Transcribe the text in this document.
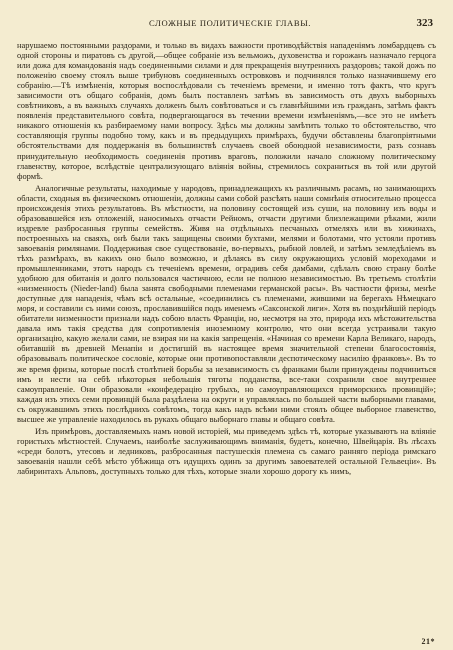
СЛОЖНЫЕ ПОЛИТИЧЕСКІЕ ГЛАВЫ.	323

нарушаемо постоянными раздорами, и только въ видахъ важности противодѣйствія нападеніямъ ломбардцевъ съ одной стороны и пиратовъ съ другой,—общее собраніе изъ вельможъ, духовенства и горожанъ назначало герцога или дожа для командованія надъ соединенными силами и для прекращенія внутреннихъ раздоровъ; такой дожъ по положенію своему стоялъ выше трибуновъ соединенныхъ островковъ и подчинялся только назначившему его собранію.—Тѣ измѣненія, которыя воспослѣдовали съ теченіемъ времени, и именно тотъ фактъ, что кругъ зависимости отъ общаго собранія, домъ былъ поставленъ затѣмъ въ зависимость отъ двухъ выборныхъ совѣтниковъ, а въ важныхъ случаяхъ долженъ былъ совѣтоваться и съ главнѣйшими изъ гражданъ, затѣмъ фактъ появленія представительного совѣта, подвергающагося въ течении времени измѣненіямъ,—все это не имѣетъ никакого отношенія къ разбираемому нами вопросу. Здѣсь мы должны замѣтить только то обстоятельство, что составляющія группы подобно тому, какъ и въ предыдущихъ примѣрахъ, будучи обставлены благопріятными обстоятельствами для поддержанія въ большинствѣ случаевъ своей обоюдной независимости, разъ сознавъ принудительную необходимость соединенія противъ враговъ, положили начало сложному политическому главенству, которое, вслѣдствіе централизующаго вліянія войны, стремилось сохраниться въ той или другой формѣ.

Аналогичные результаты, находимые у народовъ, принадлежащихъ къ различнымъ расамъ, но занимающихъ области, сходныя въ физическомъ отношеніи, должны сами собой разсѣять наши сомнѣнія относительно процесса происхожденія этихъ результатовъ. Въ мѣстности, на половину состоящей изъ суши, на половину изъ воды и образовавшейся изъ отложеній, наносимыхъ отчасти Рейномъ, отчасти другими близлежащими рѣками, жили издревле разбросанныя группы семействъ. Живя на отдѣльныхъ песчаныхъ отмеляхъ или въ хижинахъ, построенныхъ на сваяхъ, онѣ были такъ защищены своими бухтами, мелями и болотами, что устояли противъ завоеванія римлянами. Поддерживая свое существованіе, во-первыхъ, рыбной ловлей, и затѣмъ земледѣліемъ въ тѣхъ размѣрахъ, въ какихъ оно было возможно, и дѣлаясь въ силу окружающихъ условій мореходами и промышленниками, этотъ народъ съ теченіемъ времени, оградивъ себя дамбами, сдѣлалъ свою страну болѣе удобною для обитанія и долго пользовался частичною, если не полною независимостью. Въ третьемъ столѣтіи «низменность (Nieder-land) была занята свободными племенами германской расы». Въ частности фризы, менѣе доступные для нападенія, чѣмъ всѣ остальные, «соединились съ племенами, жившими на берегахъ Нѣмецкаго моря, и составили съ ними союзъ, прославившійся подъ именемъ «Саксонской лиги». Хотя въ позднѣйшій періодъ обитатели низменности признали надъ собою власть Франціи, но, несмотря на это, природа ихъ мѣстожительства давала имъ такія средства для сопротивленія иноземному контролю, что они всегда устраивали такую организацію, какую желали сами, не взирая ни на какія запрещенія. «Начиная со времени Карла Великаго, народъ, обитавшій въ древней Менапіи и достигшій въ настоящее время значительной степени благосостоянія, образовывалъ политическое сословіе, которые они противопоставляли деспотическому насилію франковъ». Въ то же время фризы, которые послѣ столѣтней борьбы за независимость съ франками были принуждены подчиниться имъ и нести на себѣ нѣкоторыя небольшія тяготы подданства, все-таки сохранили свое внутреннее самоуправленіе. Они образовали «конфедерацію грубыхъ, но самоуправляющихся приморскихъ провинцій»; каждая изъ этихъ семи провинцій была раздѣлена на округи и управлялась по большей части выборными главами, съ окружавшимъ этихъ послѣднихъ совѣтомъ, тогда какъ надъ всѣми ними стоялъ общее выборное главенство, высшее же управленіе находилось въ рукахъ общаго выборнаго главы и общаго совѣта.

Изъ примѣровъ, доставляемыхъ намъ новой исторіей, мы приведемъ здѣсь тѣ, которые указываютъ на вліяніе гористыхъ мѣстностей. Случаемъ, наиболѣе заслуживающимъ вниманія, будетъ, конечно, Швейцарія. Въ лѣсахъ «среди болотъ, утесовъ и ледниковъ, разбросанныя пастушескія племена съ самаго ранняго періода римскаго завоеванія нашли себѣ мѣсто убѣжища отъ идущихъ одинъ за другимъ завоевателей остальной Гельвеціи». Въ лабиринтахъ Альповъ, доступныхъ только для тѣхъ, которые знали хорошо дорогу къ нимъ,

21*
